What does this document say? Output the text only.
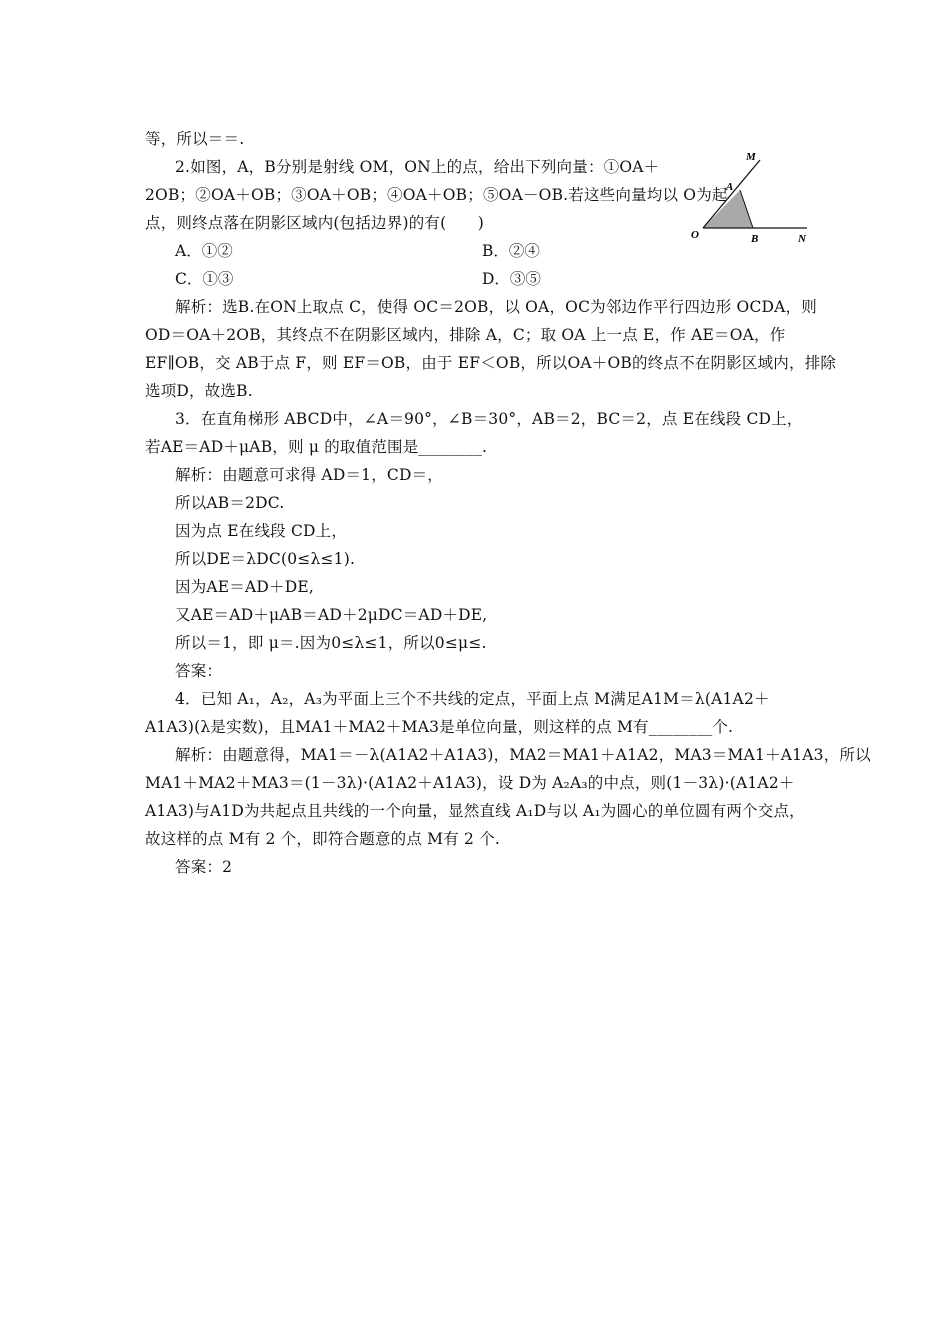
等，所以＝＝.
2.如图，A，B分别是射线 OM，ON上的点，给出下列向量：①OA＋
2OB；②OA＋OB；③OA＋OB；④OA＋OB；⑤OA－OB.若这些向量均以 O为起
点，则终点落在阴影区域内(包括边界)的有(　　)
A．①②	B．②④
C．①③	D．③⑤
解析：选B.在ON上取点 C，使得 OC＝2OB，以 OA，OC为邻边作平行四边形 OCDA，则
OD＝OA＋2OB，其终点不在阴影区域内，排除 A，C；取 OA 上一点 E，作 AE＝OA，作
EF∥OB，交 AB于点 F，则 EF＝OB，由于 EF＜OB，所以OA＋OB的终点不在阴影区域内，排除
选项D，故选B.
3．在直角梯形 ABCD中，∠A＝90°，∠B＝30°，AB＝2，BC＝2，点 E在线段 CD上，
若AE＝AD＋μAB，则 μ 的取值范围是________.
解析：由题意可求得 AD＝1，CD＝，
所以AB＝2DC.
因为点 E在线段 CD上，
所以DE＝λDC(0≤λ≤1).
因为AE＝AD＋DE,
又AE＝AD＋μAB＝AD＋2μDC＝AD＋DE,
所以＝1，即 μ＝.因为0≤λ≤1，所以0≤μ≤.
答案：
4．已知 A₁，A₂，A₃为平面上三个不共线的定点，平面上点 M满足A1M＝λ(A1A2＋
A1A3)(λ是实数)，且MA1＋MA2＋MA3是单位向量，则这样的点 M有________个.
解析：由题意得，MA1＝－λ(A1A2＋A1A3)，MA2＝MA1＋A1A2，MA3＝MA1＋A1A3，所以
MA1＋MA2＋MA3＝(1－3λ)·(A1A2＋A1A3)，设 D为 A₂A₃的中点，则(1－3λ)·(A1A2＋
A1A3)与A1D为共起点且共线的一个向量，显然直线 A₁D与以 A₁为圆心的单位圆有两个交点，
故这样的点 M有 2 个，即符合题意的点 M有 2 个.
答案：2
M
A
O	B	N
